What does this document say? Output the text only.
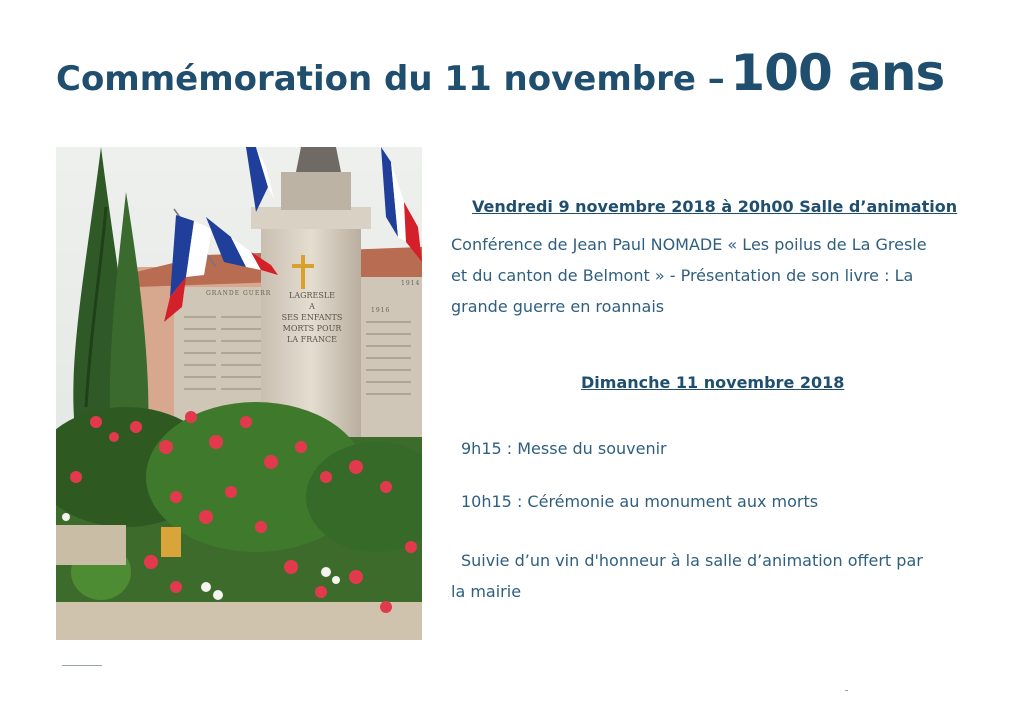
Commémoration du 11 novembre – 100 ans
GRANDE GUERR
1914
1916
LAGRESLE
A
SES ENFANTS
MORTS POUR
LA FRANCE
Vendredi 9 novembre 2018 à 20h00 Salle d’animation
Conférence de Jean Paul NOMADE « Les poilus de La Gresle
et du canton de Belmont » - Présentation de son livre : La
grande guerre en roannais
Dimanche 11 novembre 2018
9h15 : Messe du souvenir
10h15 : Cérémonie au monument aux morts
Suivie d’un vin d'honneur à la salle d’animation offert par
la mairie
